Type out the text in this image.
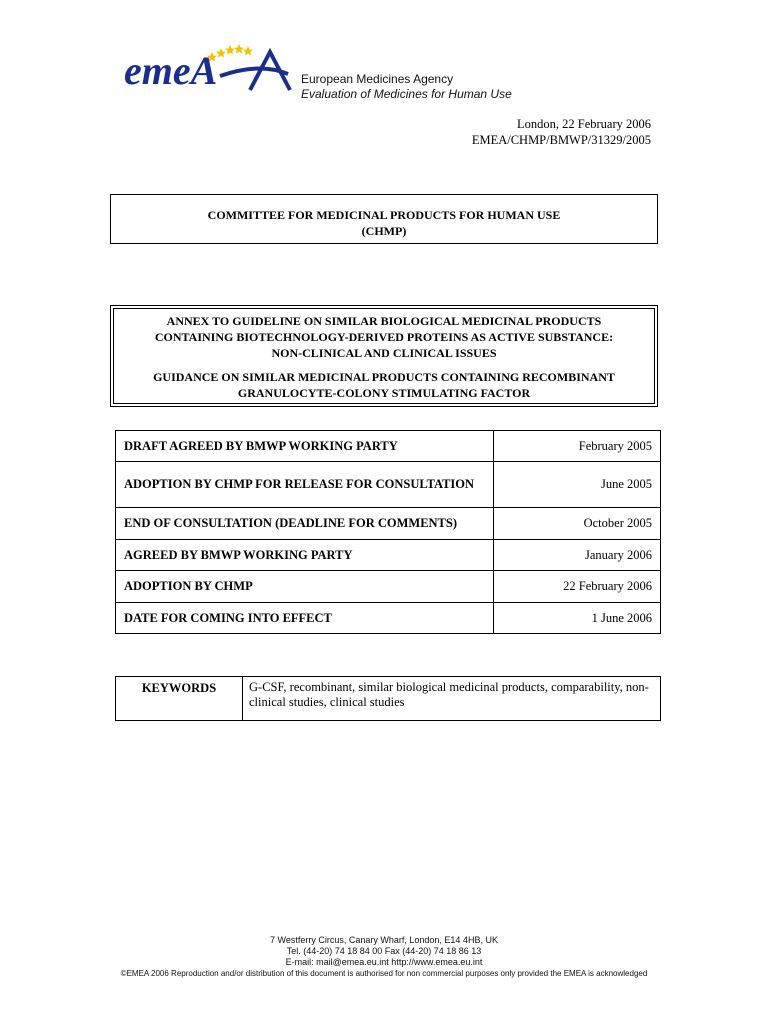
emeA	European Medicines Agency
Evaluation of Medicines for Human Use
London, 22 February 2006
EMEA/CHMP/BMWP/31329/2005
COMMITTEE FOR MEDICINAL PRODUCTS FOR HUMAN USE
(CHMP)
ANNEX TO GUIDELINE ON SIMILAR BIOLOGICAL MEDICINAL PRODUCTS
CONTAINING BIOTECHNOLOGY-DERIVED PROTEINS AS ACTIVE SUBSTANCE:
NON-CLINICAL AND CLINICAL ISSUES
GUIDANCE ON SIMILAR MEDICINAL PRODUCTS CONTAINING RECOMBINANT
GRANULOCYTE-COLONY STIMULATING FACTOR
DRAFT AGREED BY BMWP WORKING PARTY	February 2005
ADOPTION BY CHMP FOR RELEASE FOR CONSULTATION	June 2005
END OF CONSULTATION (DEADLINE FOR COMMENTS)	October 2005
AGREED BY BMWP WORKING PARTY	January 2006
ADOPTION BY CHMP	22 February 2006
DATE FOR COMING INTO EFFECT	1 June 2006
KEYWORDS	G-CSF, recombinant, similar biological medicinal products, comparability, non-clinical studies, clinical studies
7 Westferry Circus, Canary Wharf, London, E14 4HB, UK
Tel. (44-20) 74 18 84 00 Fax (44-20) 74 18 86 13
E-mail: mail@emea.eu.int http://www.emea.eu.int
©EMEA 2006 Reproduction and/or distribution of this document is authorised for non commercial purposes only provided the EMEA is acknowledged
